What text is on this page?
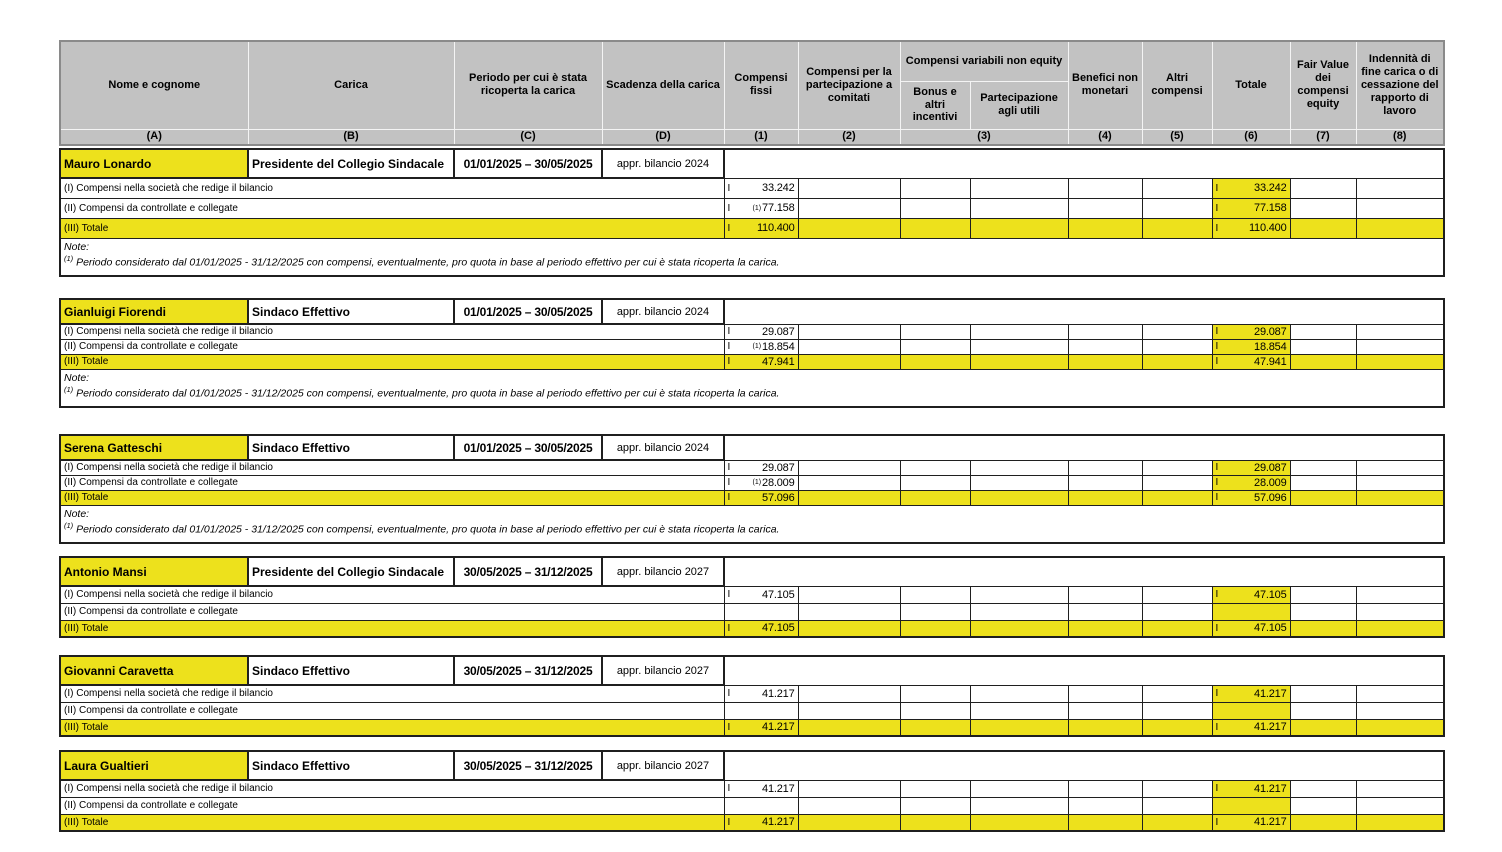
Nome e cognome	Carica	Periodo per cui è stata ricoperta la carica	Scadenza della carica	Compensi fissi	Compensi per la partecipazione a comitati	Compensi variabili non equity		Benefici non monetari	Altri compensi	Totale	Fair Value dei compensi equity	Indennità di fine carica o di cessazione del rapporto di lavoro
						Bonus e altri incentivi	Partecipazione agli utili					
(A)	(B)	(C)	(D)	(1)	(2)	(3)		(4)	(5)	(6)	(7)	(8)
Mauro Lonardo	Presidente del Collegio Sindacale	01/01/2025 – 30/05/2025	appr. bilancio 2024									
(I) Compensi nella società che redige il bilancio				I 33.242						I 33.242		

(II) Compensi da controllate e collegate				I (1) 77.158						I 77.158		

(III) Totale				I 110.400						I 110.400		

Note:												
$^{(1)}$ Periodo considerato dal 01/01/2025 - 31/12/2025 con compensi, eventualmente, pro quota in base al periodo effettivo per cui è stata ricoperta la carica.												
Gianluigi Fiorendi	Sindaco Effettivo	01/01/2025 – 30/05/2025	appr. bilancio 2024									
(I) Compensi nella società che redige il bilancio				I 29.087						I 29.087		

(II) Compensi da controllate e collegate				I (1) 18.854						I 18.854		

(III) Totale				I 47.941						I 47.941		

Note:												
$^{(1)}$ Periodo considerato dal 01/01/2025 - 31/12/2025 con compensi, eventualmente, pro quota in base al periodo effettivo per cui è stata ricoperta la carica.												
Serena Gatteschi	Sindaco Effettivo	01/01/2025 – 30/05/2025	appr. bilancio 2024									
(I) Compensi nella società che redige il bilancio				I 29.087						I 29.087		

(II) Compensi da controllate e collegate				I (1) 28.009						I 28.009		

(III) Totale				I 57.096						I 57.096		

Note:												
$^{(1)}$ Periodo considerato dal 01/01/2025 - 31/12/2025 con compensi, eventualmente, pro quota in base al periodo effettivo per cui è stata ricoperta la carica.												
Antonio Mansi	Presidente del Collegio Sindacale	30/05/2025 – 31/12/2025	appr. bilancio 2027									
(I) Compensi nella società che redige il bilancio				I 47.105						I 47.105		

(II) Compensi da controllate e collegate												
(III) Totale				I 47.105						I 47.105		

Giovanni Caravetta	Sindaco Effettivo	30/05/2025 – 31/12/2025	appr. bilancio 2027									
(I) Compensi nella società che redige il bilancio				I 41.217						I 41.217		

(II) Compensi da controllate e collegate												
(III) Totale				I 41.217						I 41.217		

Laura Gualtieri	Sindaco Effettivo	30/05/2025 – 31/12/2025	appr. bilancio 2027									
(I) Compensi nella società che redige il bilancio				I 41.217						I 41.217		

(II) Compensi da controllate e collegate												
(III) Totale				I 41.217						I 41.217		
